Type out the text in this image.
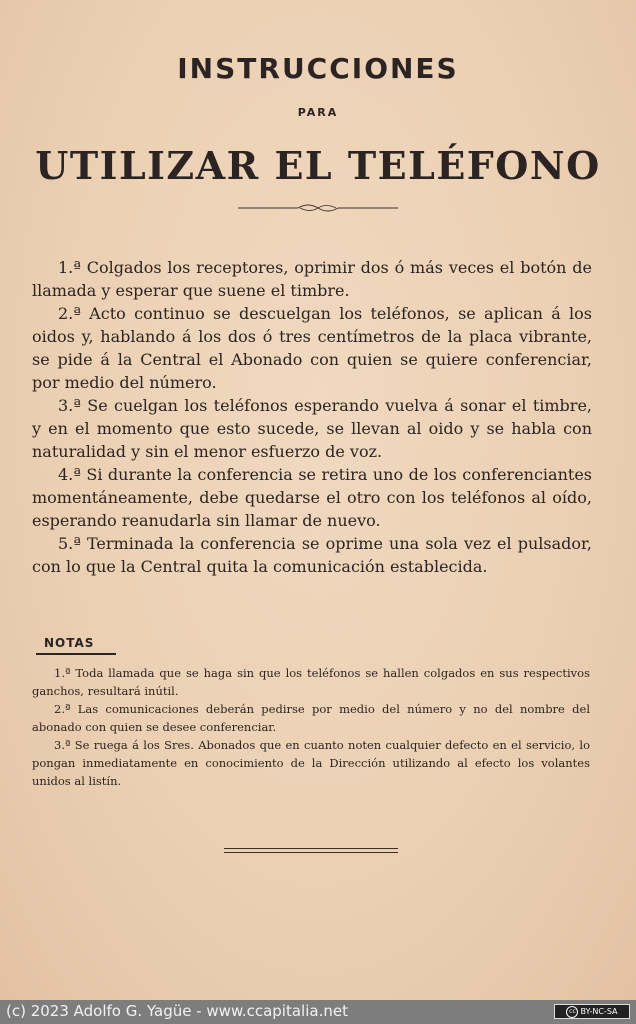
INSTRUCCIONES
PARA
UTILIZAR EL TELÉFONO

1.ª Colgados los receptores, oprimir dos ó más veces el botón de llamada y esperar que suene el timbre.

2.ª Acto continuo se descuelgan los teléfonos, se aplican á los oidos y, hablando á los dos ó tres centímetros de la placa vibrante, se pide á la Central el Abonado con quien se quiere conferenciar, por medio del número.

3.ª Se cuelgan los teléfonos esperando vuelva á sonar el timbre, y en el momento que esto sucede, se llevan al oido y se habla con naturalidad y sin el menor esfuerzo de voz.

4.ª Si durante la conferencia se retira uno de los conferenciantes momentáneamente, debe quedarse el otro con los teléfonos al oído, esperando reanudarla sin llamar de nuevo.

5.ª Terminada la conferencia se oprime una sola vez el pulsador, con lo que la Central quita la comunicación establecida.

NOTAS

1.ª Toda llamada que se haga sin que los teléfonos se hallen colgados en sus respectivos ganchos, resultará inútil.

2.ª Las comunicaciones deberán pedirse por medio del número y no del nombre del abonado con quien se desee conferenciar.

3.ª Se ruega á los Sres. Abonados que en cuanto noten cualquier defecto en el servicio, lo pongan inmediatamente en conocimiento de la Dirección utilizando al efecto los volantes unidos al listín.

(c) 2023 Adolfo G. Yagüe - www.ccapitalia.net	cc BY-NC-SA
